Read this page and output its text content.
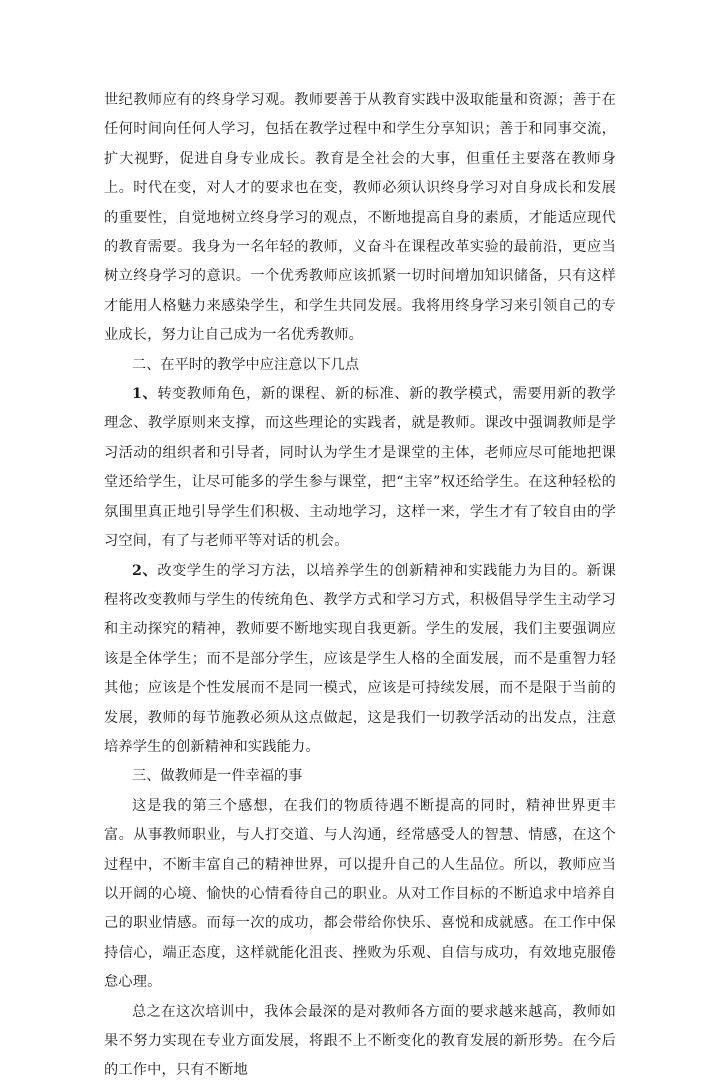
世纪教师应有的终身学习观。教师要善于从教育实践中汲取能量和资源；善于在任何时间向任何人学习，包括在教学过程中和学生分享知识；善于和同事交流，扩大视野，促进自身专业成长。教育是全社会的大事，但重任主要落在教师身上。时代在变，对人才的要求也在变，教师必须认识终身学习对自身成长和发展的重要性，自觉地树立终身学习的观点，不断地提高自身的素质，才能适应现代的教育需要。我身为一名年轻的教师，义奋斗在课程改革实验的最前沿，更应当树立终身学习的意识。一个优秀教师应该抓紧一切时间增加知识储备，只有这样才能用人格魅力来感染学生，和学生共同发展。我将用终身学习来引领自己的专业成长，努力让自己成为一名优秀教师。

二、在平时的教学中应注意以下几点

1、转变教师角色，新的课程、新的标准、新的教学模式，需要用新的教学理念、教学原则来支撑，而这些理论的实践者，就是教师。课改中强调教师是学习活动的组织者和引导者，同时认为学生才是课堂的主体，老师应尽可能地把课堂还给学生，让尽可能多的学生参与课堂，把“主宰”权还给学生。在这种轻松的氛围里真正地引导学生们积极、主动地学习，这样一来，学生才有了较自由的学习空间，有了与老师平等对话的机会。

2、改变学生的学习方法，以培养学生的创新精神和实践能力为目的。新课程将改变教师与学生的传统角色、教学方式和学习方式，积极倡导学生主动学习和主动探究的精神，教师要不断地实现自我更新。学生的发展，我们主要强调应该是全体学生；而不是部分学生，应该是学生人格的全面发展，而不是重智力轻其他；应该是个性发展而不是同一模式，应该是可持续发展，而不是限于当前的发展，教师的每节施教必须从这点做起，这是我们一切教学活动的出发点，注意培养学生的创新精神和实践能力。

三、做教师是一件幸福的事

这是我的第三个感想，在我们的物质待遇不断提高的同时，精神世界更丰富。从事教师职业，与人打交道、与人沟通，经常感受人的智慧、情感，在这个过程中，不断丰富自己的精神世界，可以提升自己的人生品位。所以，教师应当以开阔的心境、愉快的心情看待自己的职业。从对工作目标的不断追求中培养自己的职业情感。而每一次的成功，都会带给你快乐、喜悦和成就感。在工作中保持信心，端正态度，这样就能化沮丧、挫败为乐观、自信与成功，有效地克服倦怠心理。

总之在这次培训中，我体会最深的是对教师各方面的要求越来越高，教师如果不努力实现在专业方面发展，将跟不上不断变化的教育发展的新形势。在今后的工作中，只有不断地
